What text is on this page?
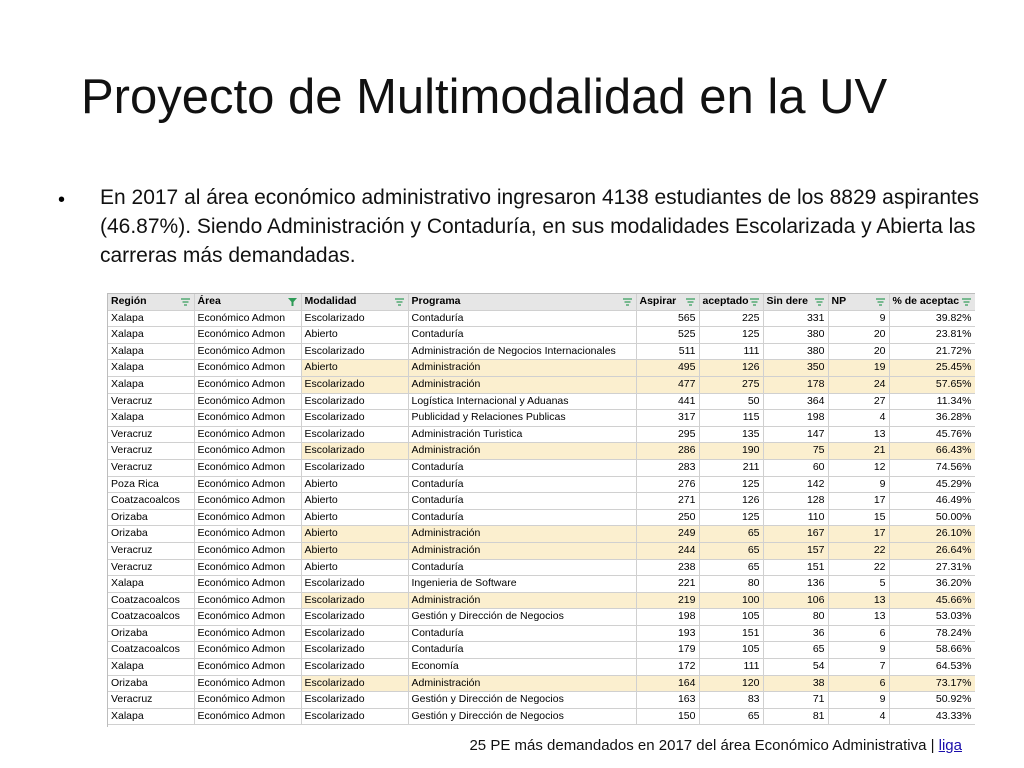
Proyecto de Multimodalidad en la UV
• En 2017 al área económico administrativo ingresaron 4138 estudiantes de los 8829 aspirantes (46.87%). Siendo Administración y Contaduría, en sus modalidades Escolarizada y Abierta las carreras más demandadas.
Región	Área	Modalidad	Programa	Aspirar	aceptado	Sin dere	NP	% de aceptac

Xalapa	Económico Admon	Escolarizado	Contaduría	565	225	331	9	39.82%
Xalapa	Económico Admon	Abierto	Contaduría	525	125	380	20	23.81%
Xalapa	Económico Admon	Escolarizado	Administración de Negocios Internacionales	511	111	380	20	21.72%
Xalapa	Económico Admon	Abierto	Administración	495	126	350	19	25.45%
Xalapa	Económico Admon	Escolarizado	Administración	477	275	178	24	57.65%
Veracruz	Económico Admon	Escolarizado	Logística Internacional y Aduanas	441	50	364	27	11.34%
Xalapa	Económico Admon	Escolarizado	Publicidad y Relaciones Publicas	317	115	198	4	36.28%
Veracruz	Económico Admon	Escolarizado	Administración Turistica	295	135	147	13	45.76%
Veracruz	Económico Admon	Escolarizado	Administración	286	190	75	21	66.43%
Veracruz	Económico Admon	Escolarizado	Contaduría	283	211	60	12	74.56%
Poza Rica	Económico Admon	Abierto	Contaduría	276	125	142	9	45.29%
Coatzacoalcos	Económico Admon	Abierto	Contaduría	271	126	128	17	46.49%
Orizaba	Económico Admon	Abierto	Contaduría	250	125	110	15	50.00%
Orizaba	Económico Admon	Abierto	Administración	249	65	167	17	26.10%
Veracruz	Económico Admon	Abierto	Administración	244	65	157	22	26.64%
Veracruz	Económico Admon	Abierto	Contaduría	238	65	151	22	27.31%
Xalapa	Económico Admon	Escolarizado	Ingenieria de Software	221	80	136	5	36.20%
Coatzacoalcos	Económico Admon	Escolarizado	Administración	219	100	106	13	45.66%
Coatzacoalcos	Económico Admon	Escolarizado	Gestión y Dirección de Negocios	198	105	80	13	53.03%
Orizaba	Económico Admon	Escolarizado	Contaduría	193	151	36	6	78.24%
Coatzacoalcos	Económico Admon	Escolarizado	Contaduría	179	105	65	9	58.66%
Xalapa	Económico Admon	Escolarizado	Economía	172	111	54	7	64.53%
Orizaba	Económico Admon	Escolarizado	Administración	164	120	38	6	73.17%
Veracruz	Económico Admon	Escolarizado	Gestión y Dirección de Negocios	163	83	71	9	50.92%
Xalapa	Económico Admon	Escolarizado	Gestión y Dirección de Negocios	150	65	81	4	43.33%
25 PE más demandados en 2017 del área Económico Administrativa | liga
